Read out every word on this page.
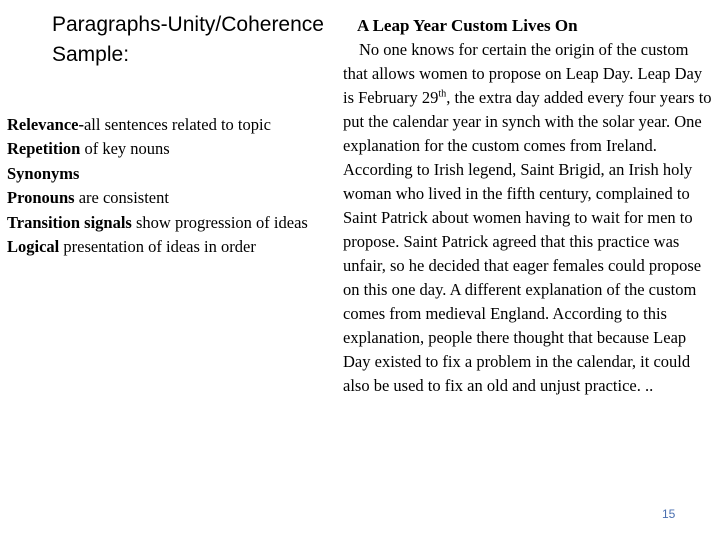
Paragraphs-Unity/Coherence
Sample:
Relevance-all sentences related to topic
Repetition of key nouns
Synonyms
Pronouns are consistent
Transition signals show progression of ideas
Logical presentation of ideas in order

A Leap Year Custom Lives On

No one knows for certain the origin of the custom that allows women to propose on Leap Day. Leap Day is February 29th, the extra day added every four years to put the calendar year in synch with the solar year. One explanation for the custom comes from Ireland. According to Irish legend, Saint Brigid, an Irish holy woman who lived in the fifth century, complained to Saint Patrick about women having to wait for men to propose. Saint Patrick agreed that this practice was unfair, so he decided that eager females could propose on this one day. A different explanation of the custom comes from medieval England. According to this explanation, people there thought that because Leap Day existed to fix a problem in the calendar, it could also be used to fix an old and unjust practice. ..

15
